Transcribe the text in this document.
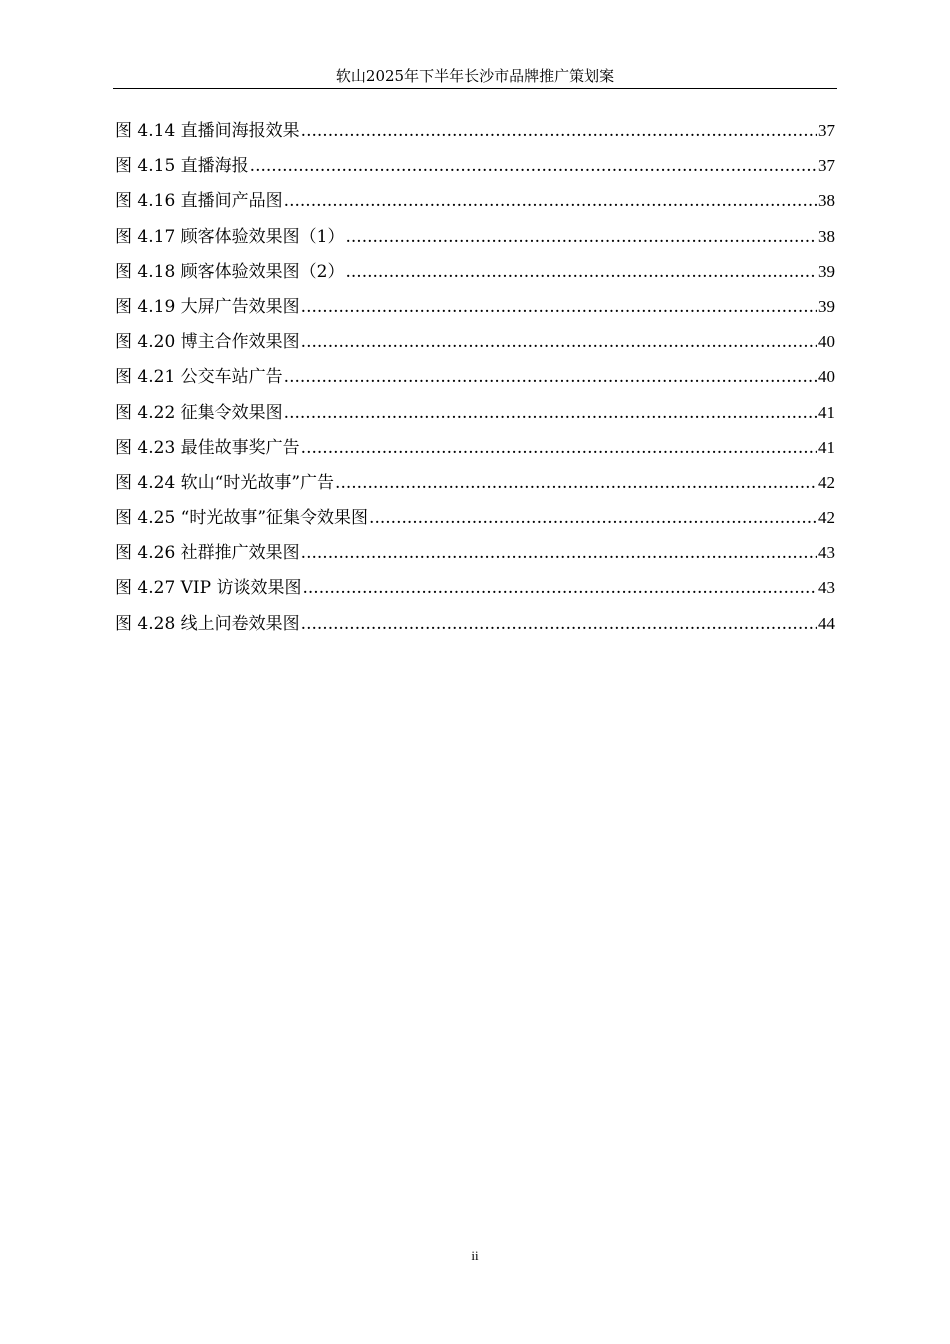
软山2025年下半年长沙市品牌推广策划案
图 4.14 直播间海报效果 .....	37
图 4.15 直播海报 .....	37
图 4.16 直播间产品图 .....	38
图 4.17 顾客体验效果图（1） .....	38
图 4.18 顾客体验效果图（2） .....	39
图 4.19 大屏广告效果图 .....	39
图 4.20 博主合作效果图 .....	40
图 4.21 公交车站广告 .....	40
图 4.22 征集令效果图 .....	41
图 4.23 最佳故事奖广告 .....	41
图 4.24 软山“时光故事”广告 .....	42
图 4.25 “时光故事”征集令效果图 .....	42
图 4.26 社群推广效果图 .....	43
图 4.27 VIP 访谈效果图 .....	43
图 4.28 线上问卷效果图 .....	44
ii
